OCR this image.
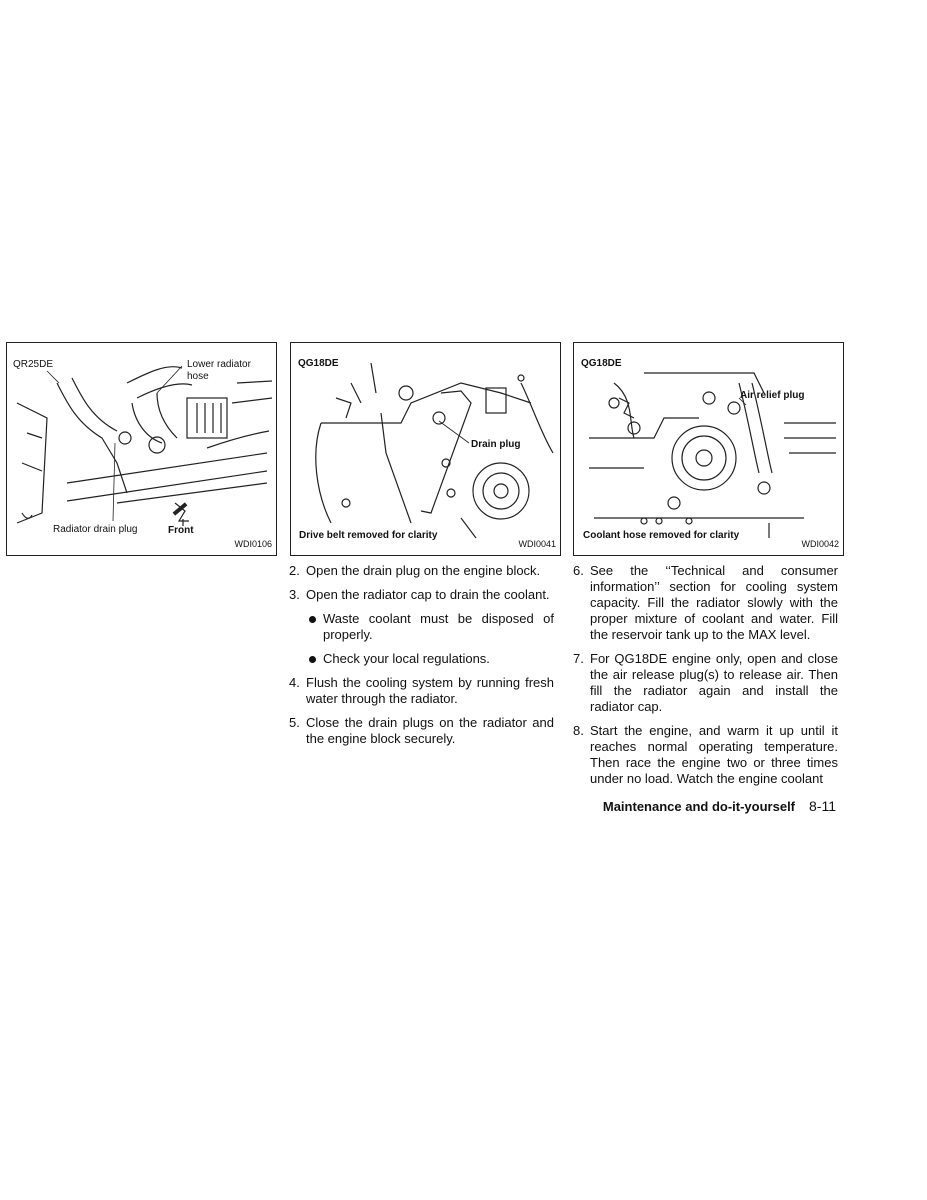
QR25DE	Lower radiator
hose
Radiator drain plug	Front
WDI0106
QG18DE
Drain plug
Drive belt removed for clarity
WDI0041
QG18DE
Air relief plug
Coolant hose removed for clarity
WDI0042
2. Open the drain plug on the engine block.
3. Open the radiator cap to drain the coolant.
Waste coolant must be disposed of properly.
Check your local regulations.
4. Flush the cooling system by running fresh water through the radiator.
5. Close the drain plugs on the radiator and the engine block securely.
6. See the ‘‘Technical and consumer information’’ section for cooling system capacity. Fill the radiator slowly with the proper mixture of coolant and water. Fill the reservoir tank up to the MAX level.
7. For QG18DE engine only, open and close the air release plug(s) to release air. Then fill the radiator again and install the radiator cap.
8. Start the engine, and warm it up until it reaches normal operating temperature. Then race the engine two or three times under no load. Watch the engine coolant
Maintenance and do-it-yourself 8-11
